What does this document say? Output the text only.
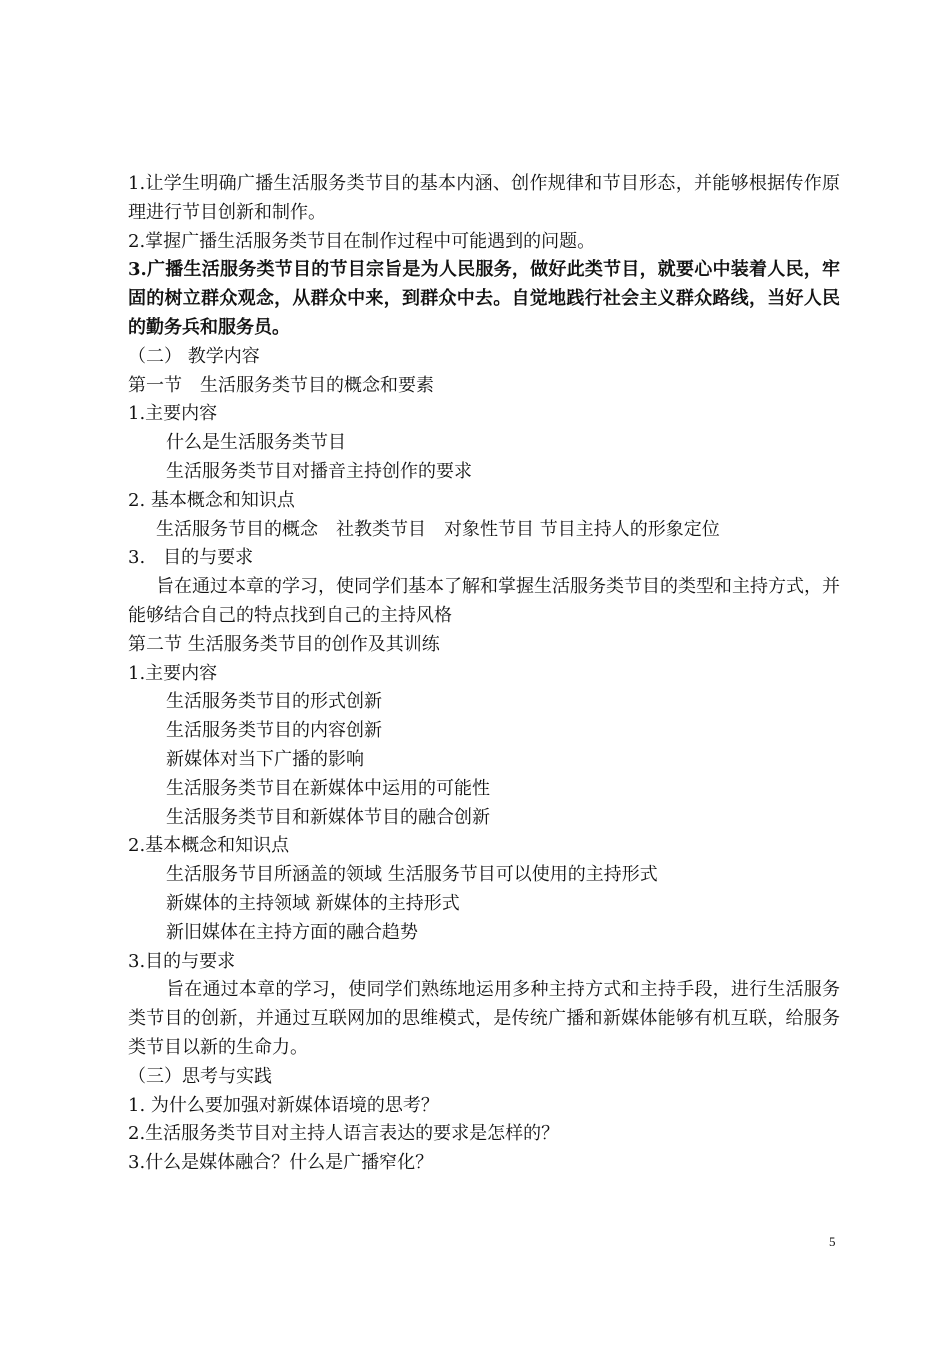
1.让学生明确广播生活服务类节目的基本内涵、创作规律和节目形态，并能够根据传作原理进行节目创新和制作。
2.掌握广播生活服务类节目在制作过程中可能遇到的问题。
3.广播生活服务类节目的节目宗旨是为人民服务，做好此类节目，就要心中装着人民，牢固的树立群众观念，从群众中来，到群众中去。自觉地践行社会主义群众路线，当好人民的勤务兵和服务员。
（二） 教学内容
第一节　生活服务类节目的概念和要素
1.主要内容
什么是生活服务类节目
生活服务类节目对播音主持创作的要求
2. 基本概念和知识点
生活服务节目的概念　社教类节目　对象性节目 节目主持人的形象定位
3.　目的与要求
旨在通过本章的学习，使同学们基本了解和掌握生活服务类节目的类型和主持方式，并能够结合自己的特点找到自己的主持风格
第二节 生活服务类节目的创作及其训练
1.主要内容
生活服务类节目的形式创新
生活服务类节目的内容创新
新媒体对当下广播的影响
生活服务类节目在新媒体中运用的可能性
生活服务类节目和新媒体节目的融合创新
2.基本概念和知识点
生活服务节目所涵盖的领域 生活服务节目可以使用的主持形式
新媒体的主持领域 新媒体的主持形式
新旧媒体在主持方面的融合趋势
3.目的与要求
旨在通过本章的学习，使同学们熟练地运用多种主持方式和主持手段，进行生活服务类节目的创新，并通过互联网加的思维模式，是传统广播和新媒体能够有机互联，给服务类节目以新的生命力。
（三）思考与实践
1. 为什么要加强对新媒体语境的思考？
2.生活服务类节目对主持人语言表达的要求是怎样的？
3.什么是媒体融合？什么是广播窄化？
5
